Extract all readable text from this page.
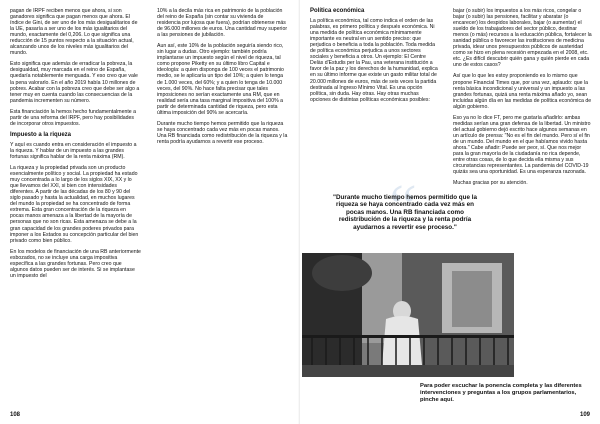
pagan de IRPF reciben menos que ahora, si son ganadores significa que pagan menos que ahora. El índice de Gini, de ser uno de los más desigualitarios de la UE, pasaría a ser uno de los más igualitarios del mundo, exactamente del 0,206. Lo que significa una reducción de 15 puntos respecto a la situación actual, alcanzando unos de los niveles más igualitarios del mundo.

Esto significa que además de erradicar la pobreza, la desigualdad, muy marcada en el reino de España, quedaría notablemente menguada. Y eso creo que vale la pena valorarlo. En el año 2019 había 10 millones de pobres. Acabar con la pobreza creo que debe ser algo a tener muy en cuenta cuando las consecuencias de la pandemia incrementen su número.

Esta financiación la hemos hecho fundamentalmente a partir de una reforma del IRPF, pero hay posibilidades de incorporar otros impuestos.

Impuesto a la riqueza

Y aquí es cuando entra en consideración el impuesto a la riqueza. Y hablar de un impuesto a las grandes fortunas significa hablar de la renta máxima (RM).

La riqueza y la propiedad privada son un producto esencialmente político y social. La propiedad ha estado muy concentrada a lo largo de los siglos XIX, XX y lo que llevamos del XXI, si bien con intensidades diferentes. A partir de las décadas de los 80 y 90 del siglo pasado y hasta la actualidad, en muchos lugares del mundo la propiedad se ha concentrado de forma extrema. Esta gran concentración de la riqueza en pocas manos amenaza a la libertad de la mayoría de personas que no son ricas. Esta amenaza se debe a la gran capacidad de los grandes poderes privados para imponer a los Estados su concepción particular del bien privado como bien público.

En los modelos de financiación de una RB anteriormente esbozados, no se incluye una carga impositiva específica a las grandes fortunas. Pero creo que algunos datos pueden ser de interés. Si se implantase un impuesto del

10% a la decila más rica en patrimonio de la población del reino de España (sin contar su vivienda de residencia por lujosa que fuera), podrían obtenerse más de 96.000 millones de euros. Una cantidad muy superior a las pensiones de jubilación.

Aun así, este 10% de la población seguiría siendo rico, sin lugar a dudas. Otro ejemplo: también podría implantarse un impuesto según el nivel de riqueza, tal como propone Piketty en su último libro Capital e ideología: a quien disponga de 100 veces el patrimonio medio, se le aplicaría un tipo del 10%; a quien lo tenga de 1.000 veces, del 60%; y a quien lo tenga de 10.000 veces, del 90%. No hace falta precisar que tales imposiciones no serían exactamente una RM, que en realidad sería una tasa marginal impositiva del 100% a partir de determinada cantidad de riqueza, pero esta última imposición del 90% se acercaría.

Durante mucho tiempo hemos permitido que la riqueza se haya concentrado cada vez más en pocas manos. Una RB financiada como redistribución de la riqueza y la renta podría ayudarnos a revertir ese proceso.

108
Política económica

La política económica, tal como indica el orden de las palabras, es primero política y después económica. Ni una medida de política económica mínimamente importante es neutral en un sentido preciso: que perjudica o beneficia a toda la población. Toda medida de política económica perjudica a unos sectores sociales y beneficia a otros. Un ejemplo: El Centre Delàs d'Estudis per la Pau, una veterana institución a favor de la paz y los derechos de la humanidad, explica en su último informe que existe un gasto militar total de 20.000 millones de euros, más de seis veces la partida destinada al Ingreso Mínimo Vital. Es una opción política, sin duda. Hay otras. Hay otras muchas opciones de distintas políticas económicas posibles:

bajar (o subir) los impuestos a los más ricos, congelar o bajar (o subir) las pensiones, facilitar y abaratar (o encarecer) los despidos laborales, bajar (o aumentar) el sueldo de los trabajadores del sector público, destinar menos (o más) recursos a la educación pública, fortalecer la sanidad pública o favorecer las instituciones de medicina privada, idear unos presupuestos públicos de austeridad como se hizo en plena recesión empezada en el 2008, etc. etc. ¿Es difícil descubrir quién gana y quién pierde en cada uno de estos casos?

Así que lo que les estoy proponiendo es lo mismo que propone Financial Times que, por una vez, aplaudo: que la renta básica incondicional y universal y un impuesto a las grandes fortunas, quizá una renta máxima añado yo, sean incluidas algún día en las medidas de política económica de algún gobierno.

Eso ya no lo dice FT, pero me gustaría añadirlo: ambas medidas serían una gran defensa de la libertad. Un ministro del actual gobierno dejó escrito hace algunos semanas en un artículo de prensa: "No es el fin del mundo. Pero sí el fin de un mundo. Del mundo en el que habíamos vivido hasta ahora." Cabe añadir: Puede ser peor, sí. Que nos mejor para la gran mayoría de la ciudadanía no rica depende, entre otras cosas, de lo que decida ella misma y sus circunstancias representantes. La pandemia del COVID-19 quizás sea una oportunidad. Es una esperanza razonada.

Muchas gracias por su atención.

“
"Durante mucho tiempo hemos permitido que la riqueza se haya concentrado cada vez más en pocas manos. Una RB financiada como redistribución de la riqueza y la renta podría ayudarnos a revertir ese proceso."
Para poder escuchar la ponencia completa y las diferentes intervenciones y preguntas a los grupos parlamentarios, pinche aquí.
109
